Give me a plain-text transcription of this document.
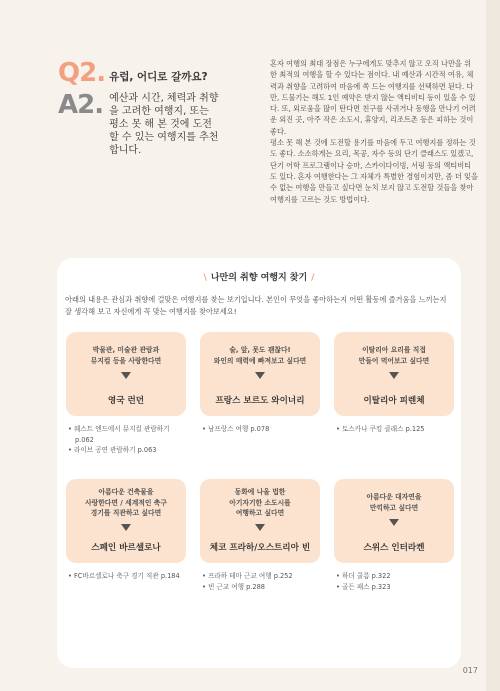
Q2. 유럽, 어디로 갈까요?
A2. 예산과 시간, 체력과 취향을 고려한 여행지, 또는 평소 못 해 본 것에 도전할 수 있는 여행지를 추천합니다.

혼자 여행의 최대 장점은 누구에게도 맞추지 않고 오직 나만을 위한 최적의 여행을 할 수 있다는 점이다. 내 예산과 시간적 여유, 체력과 취향을 고려하여 마음에 쏙 드는 여행지를 선택하면 된다. 다만, 드물기는 해도 1인 예약은 받지 않는 액티비티 등이 있을 수 있다. 또, 외로움을 많이 탄다면 친구를 사귀거나 동행을 만나기 어려운 외진 곳, 아주 작은 소도시, 휴양지, 리조트촌 등은 피하는 것이 좋다.

평소 못 해 본 것에 도전할 용기를 마음에 두고 여행지를 정하는 것도 좋다. 소소하게는 요리, 목공, 자수 등의 단기 클래스도 있겠고, 단기 어학 프로그램이나 승마, 스카이다이빙, 서핑 등의 액티비티도 있다. 혼자 여행한다는 그 자체가 특별한 경험이지만, 좀 더 잊을 수 없는 여행을 만들고 싶다면 눈치 보지 않고 도전할 것들을 찾아 여행지를 고르는 것도 방법이다.

\ 나만의 취향 여행지 찾기 /
아래의 내용은 관심과 취향에 걸맞은 여행지를 찾는 보기입니다. 본인이 무엇을 좋아하는지 어떤 활동에 즐거움을 느끼는지 잘 생각해 보고 자신에게 꼭 맞는 여행지를 찾아보세요!
박물관, 미술관 관람과
뮤지컬 등을 사랑한다면
영국 런던
• 웨스트 엔드에서 뮤지컬 관람하기 p.062
• 라이브 공연 관람하기 p.063
술, 앞, 못도 괜찮다!
와인의 매력에 빠져보고 싶다면
프랑스 보르도 와이너리
• 남프랑스 여행 p.078
이탈리아 요리를 직접
만들어 먹어보고 싶다면
이탈리아 피렌체
• 토스카나 쿠킹 클래스 p.125
아름다운 건축물을
사랑한다면 / 세계적인 축구
경기를 직관하고 싶다면
스페인 바르셀로나
• FC바르셀로나 축구 경기 직관 p.184
동화에 나올 법한
아기자기한 소도시를
여행하고 싶다면
체코 프라하/오스트리아 빈
• 프라하 테마 근교 여행 p.252
• 빈 근교 여행 p.288
아름다운 대자연을
만끽하고 싶다면
스위스 인터라켄
• 하더 쿨름 p.322
• 골든 패스 p.323
017
